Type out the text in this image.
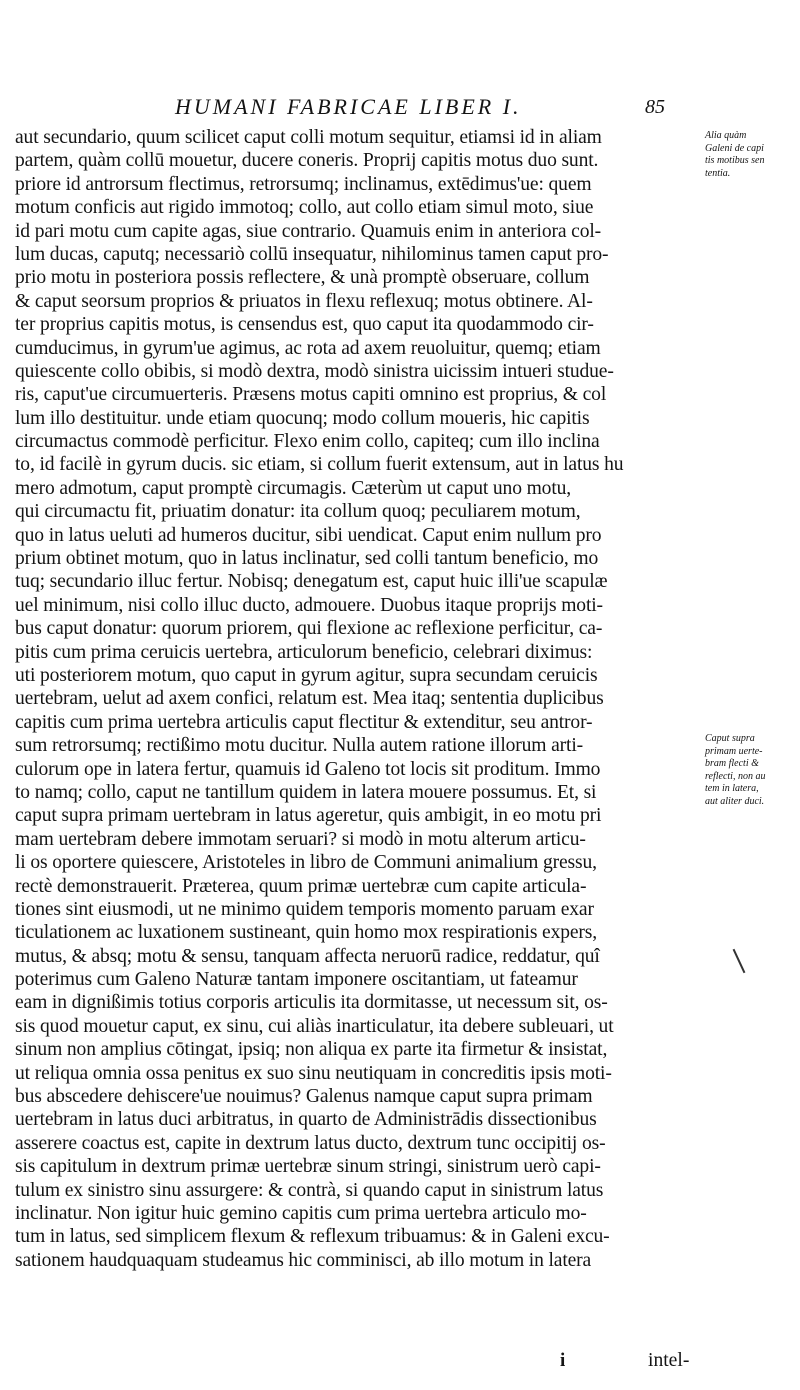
HUMANI FABRICAE LIBER I.	85
aut secundario, quum scilicet caput colli motum sequitur, etiamsi id in aliam
partem, quàm collū mouetur, ducere coneris. Proprij capitis motus duo sunt.
priore id antrorsum flectimus, retrorsumq; inclinamus, extēdimus'ue: quem
motum conficis aut rigido immotoq; collo, aut collo etiam simul moto, siue
id pari motu cum capite agas, siue contrario. Quamuis enim in anteriora col-
lum ducas, caputq; necessariò collū insequatur, nihilominus tamen caput pro-
prio motu in posteriora possis reflectere, & unà promptè obseruare, collum
& caput seorsum proprios & priuatos in flexu reflexuq; motus obtinere. Al-
ter proprius capitis motus, is censendus est, quo caput ita quodammodo cir-
cumducimus, in gyrum'ue agimus, ac rota ad axem reuoluitur, quemq; etiam
quiescente collo obibis, si modò dextra, modò sinistra uicissim intueri studue-
ris, caput'ue circumuerteris. Præsens motus capiti omnino est proprius, & col
lum illo destituitur. unde etiam quocunq; modo collum moueris, hic capitis
circumactus commodè perficitur. Flexo enim collo, capiteq; cum illo inclina
to, id facilè in gyrum ducis. sic etiam, si collum fuerit extensum, aut in latus hu
mero admotum, caput promptè circumagis. Cæterùm ut caput uno motu,
qui circumactu fit, priuatim donatur: ita collum quoq; peculiarem motum,
quo in latus ueluti ad humeros ducitur, sibi uendicat. Caput enim nullum pro
prium obtinet motum, quo in latus inclinatur, sed colli tantum beneficio, mo
tuq; secundario illuc fertur. Nobisq; denegatum est, caput huic illi'ue scapulæ
uel minimum, nisi collo illuc ducto, admouere. Duobus itaque proprijs moti-
bus caput donatur: quorum priorem, qui flexione ac reflexione perficitur, ca-
pitis cum prima ceruicis uertebra, articulorum beneficio, celebrari diximus:
uti posteriorem motum, quo caput in gyrum agitur, supra secundam ceruicis
uertebram, uelut ad axem confici, relatum est. Mea itaq; sententia duplicibus
capitis cum prima uertebra articulis caput flectitur & extenditur, seu antror-
sum retrorsumq; rectißimo motu ducitur. Nulla autem ratione illorum arti-
culorum ope in latera fertur, quamuis id Galeno tot locis sit proditum. Immo
to namq; collo, caput ne tantillum quidem in latera mouere possumus. Et, si
caput supra primam uertebram in latus ageretur, quis ambigit, in eo motu pri
mam uertebram debere immotam seruari? si modò in motu alterum articu-
li os oportere quiescere, Aristoteles in libro de Communi animalium gressu,
rectè demonstrauerit. Præterea, quum primæ uertebræ cum capite articula-
tiones sint eiusmodi, ut ne minimo quidem temporis momento paruam exar
ticulationem ac luxationem sustineant, quin homo mox respirationis expers,
mutus, & absq; motu & sensu, tanquam affecta neruorū radice, reddatur, quî
poterimus cum Galeno Naturæ tantam imponere oscitantiam, ut fateamur
eam in dignißimis totius corporis articulis ita dormitasse, ut necessum sit, os-
sis quod mouetur caput, ex sinu, cui aliàs inarticulatur, ita debere subleuari, ut
sinum non amplius cōtingat, ipsiq; non aliqua ex parte ita firmetur & insistat,
ut reliqua omnia ossa penitus ex suo sinu neutiquam in concreditis ipsis moti-
bus abscedere dehiscere'ue nouimus? Galenus namque caput supra primam
uertebram in latus duci arbitratus, in quarto de Administrādis dissectionibus
asserere coactus est, capite in dextrum latus ducto, dextrum tunc occipitij os-
sis capitulum in dextrum primæ uertebræ sinum stringi, sinistrum uerò capi-
tulum ex sinistro sinu assurgere: & contrà, si quando caput in sinistrum latus
inclinatur. Non igitur huic gemino capitis cum prima uertebra articulo mo-
tum in latus, sed simplicem flexum & reflexum tribuamus: & in Galeni excu-
sationem haudquaquam studeamus hic comminisci, ab illo motum in latera
Alia quàm
Galeni de capi
tis motibus sen
tentia.
Caput supra
primam uerte-
bram flecti &
reflecti, non au
tem in latera,
aut aliter duci.
i	intel-
